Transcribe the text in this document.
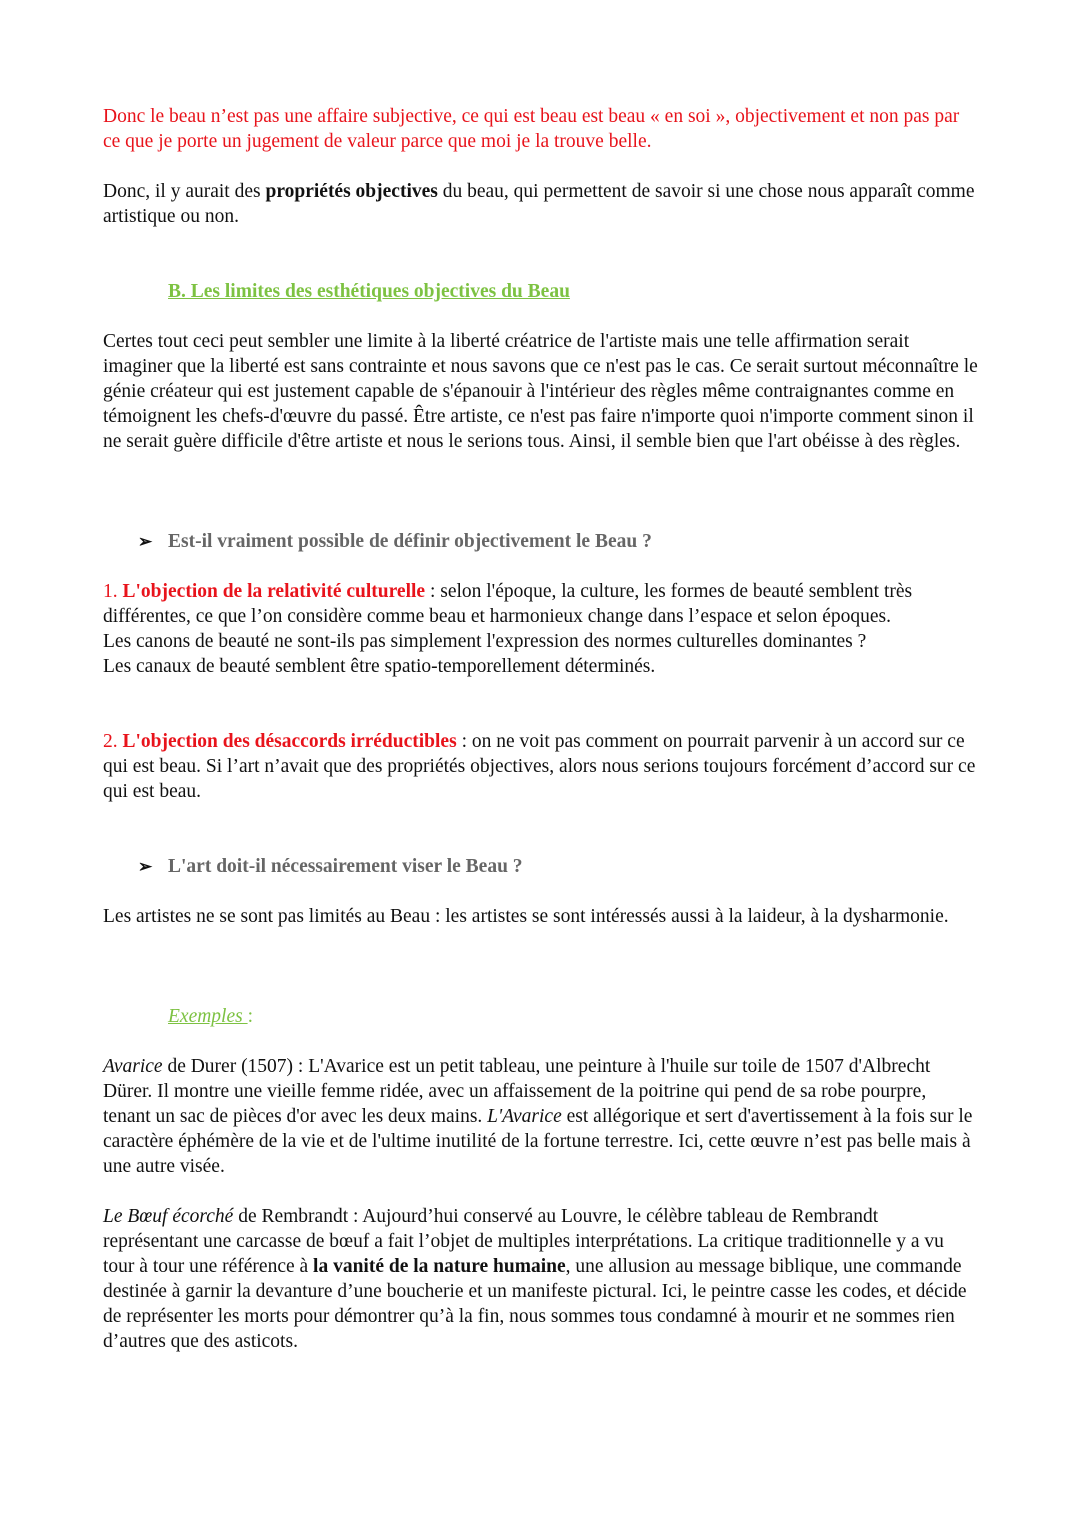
Donc le beau n’est pas une affaire subjective, ce qui est beau est beau « en soi », objectivement et non pas par ce que je porte un jugement de valeur parce que moi je la trouve belle.

Donc, il y aurait des propriétés objectives du beau, qui permettent de savoir si une chose nous apparaît comme artistique ou non.

B. Les limites des esthétiques objectives du Beau

Certes tout ceci peut sembler une limite à la liberté créatrice de l'artiste mais une telle affirmation serait imaginer que la liberté est sans contrainte et nous savons que ce n'est pas le cas. Ce serait surtout méconnaître le génie créateur qui est justement capable de s'épanouir à l'intérieur des règles même contraignantes comme en témoignent les chefs-d'œuvre du passé. Être artiste, ce n'est pas faire n'importe quoi n'importe comment sinon il ne serait guère difficile d'être artiste et nous le serions tous. Ainsi, il semble bien que l'art obéisse à des règles.

➢ Est-il vraiment possible de définir objectivement le Beau ?

1. L'objection de la relativité culturelle : selon l'époque, la culture, les formes de beauté semblent très différentes, ce que l’on considère comme beau et harmonieux change dans l’espace et selon époques.
Les canons de beauté ne sont-ils pas simplement l'expression des normes culturelles dominantes ?
Les canaux de beauté semblent être spatio-temporellement déterminés.

2. L'objection des désaccords irréductibles : on ne voit pas comment on pourrait parvenir à un accord sur ce qui est beau. Si l’art n’avait que des propriétés objectives, alors nous serions toujours forcément d’accord sur ce qui est beau.

➢ L'art doit-il nécessairement viser le Beau ?

Les artistes ne se sont pas limités au Beau : les artistes se sont intéressés aussi à la laideur, à la dysharmonie.

Exemples :

Avarice de Durer (1507) : L'Avarice est un petit tableau, une peinture à l'huile sur toile de 1507 d'Albrecht Dürer. Il montre une vieille femme ridée, avec un affaissement de la poitrine qui pend de sa robe pourpre, tenant un sac de pièces d'or avec les deux mains. L'Avarice est allégorique et sert d'avertissement à la fois sur le caractère éphémère de la vie et de l'ultime inutilité de la fortune terrestre. Ici, cette œuvre n’est pas belle mais à une autre visée.

Le Bœuf écorché de Rembrandt : Aujourd’hui conservé au Louvre, le célèbre tableau de Rembrandt représentant une carcasse de bœuf a fait l’objet de multiples interprétations. La critique traditionnelle y a vu tour à tour une référence à la vanité de la nature humaine, une allusion au message biblique, une commande destinée à garnir la devanture d’une boucherie et un manifeste pictural. Ici, le peintre casse les codes, et décide de représenter les morts pour démontrer qu’à la fin, nous sommes tous condamné à mourir et ne sommes rien d’autres que des asticots.
